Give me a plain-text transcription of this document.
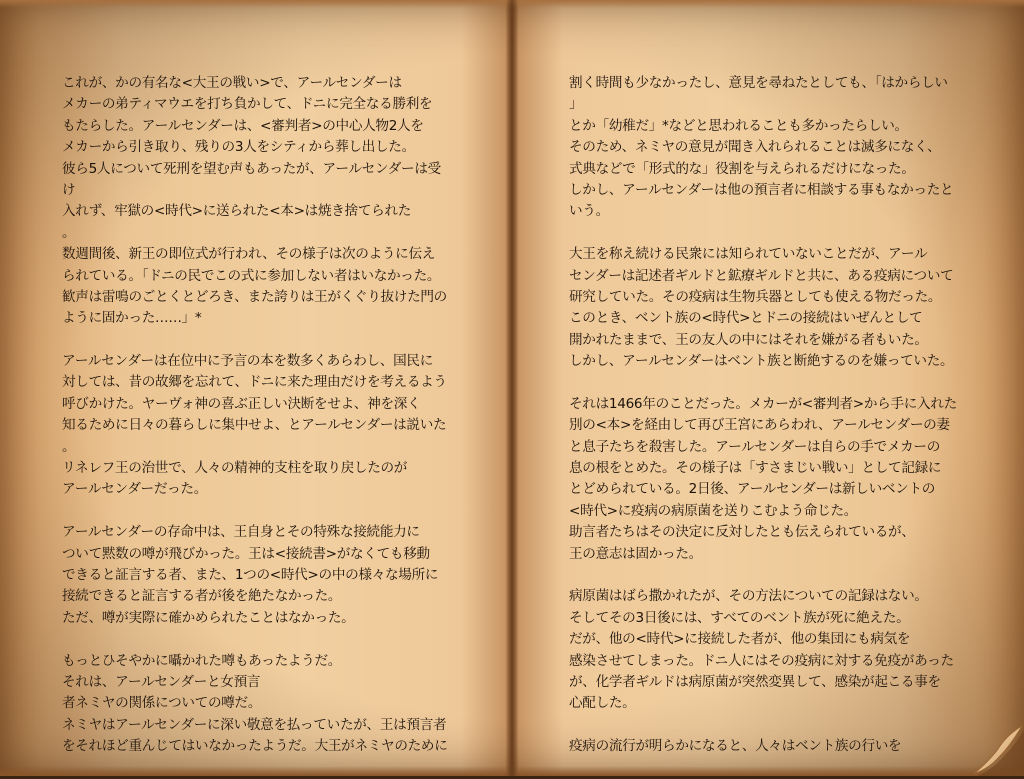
これが、かの有名な<大王の戦い>で、アールセンダーは
メカーの弟ティマウエを打ち負かして、ドニに完全なる勝利を
もたらした。アールセンダーは、<審判者>の中心人物2人を
メカーから引き取り、残りの3人をシティから葬し出した。
彼ら5人について死刑を望む声もあったが、アールセンダーは受
け
入れず、牢獄の<時代>に送られた<本>は焼き捨てられた
。
数週間後、新王の即位式が行われ、その様子は次のように伝え
られている。「ドニの民でこの式に参加しない者はいなかった。
歓声は雷鳴のごとくとどろき、また誇りは王がくぐり抜けた門の
ように固かった……」*
アールセンダーは在位中に予言の本を数多くあらわし、国民に
対しては、昔の故郷を忘れて、ドニに来た理由だけを考えるよう
呼びかけた。ヤーヴォ神の喜ぶ正しい決断をせよ、神を深く
知るために日々の暮らしに集中せよ、とアールセンダーは説いた
。
リネレフ王の治世で、人々の精神的支柱を取り戻したのが
アールセンダーだった。
アールセンダーの存命中は、王自身とその特殊な接続能力に
ついて黙数の噂が飛びかった。王は<接続書>がなくても移動
できると証言する者、また、1つの<時代>の中の様々な場所に
接続できると証言する者が後を絶たなかった。
ただ、噂が実際に確かめられたことはなかった。
もっとひそやかに囁かれた噂もあったようだ。
それは、アールセンダーと女預言
者ネミヤの関係についての噂だ。
ネミヤはアールセンダーに深い敬意を払っていたが、王は預言者
をそれほど重んじてはいなかったようだ。大王がネミヤのために
割く時間も少なかったし、意見を尋ねたとしても、「はからしい
」
とか「幼稚だ」*などと思われることも多かったらしい。
そのため、ネミヤの意見が聞き入れられることは滅多になく、
式典などで「形式的な」役割を与えられるだけになった。
しかし、アールセンダーは他の預言者に相談する事もなかったと
いう。
大王を称え続ける民衆には知られていないことだが、アール
センダーは記述者ギルドと鉱療ギルドと共に、ある疫病について
研究していた。その疫病は生物兵器としても使える物だった。
このとき、ベント族の<時代>とドニの接続はいぜんとして
開かれたままで、王の友人の中にはそれを嫌がる者もいた。
しかし、アールセンダーはベント族と断絶するのを嫌っていた。
それは1466年のことだった。メカーが<審判者>から手に入れた
別の<本>を経由して再び王宮にあらわれ、アールセンダーの妻
と息子たちを殺害した。アールセンダーは自らの手でメカーの
息の根をとめた。その様子は「すさまじい戦い」として記録に
とどめられている。2日後、アールセンダーは新しいベントの
<時代>に疫病の病原菌を送りこむよう命じた。
助言者たちはその決定に反対したとも伝えられているが、
王の意志は固かった。
病原菌はばら撒かれたが、その方法についての記録はない。
そしてその3日後には、すべてのベント族が死に絶えた。
だが、他の<時代>に接続した者が、他の集団にも病気を
感染させてしまった。ドニ人にはその疫病に対する免疫があった
が、化学者ギルドは病原菌が突然変異して、感染が起こる事を
心配した。
疫病の流行が明らかになると、人々はベント族の行いを
